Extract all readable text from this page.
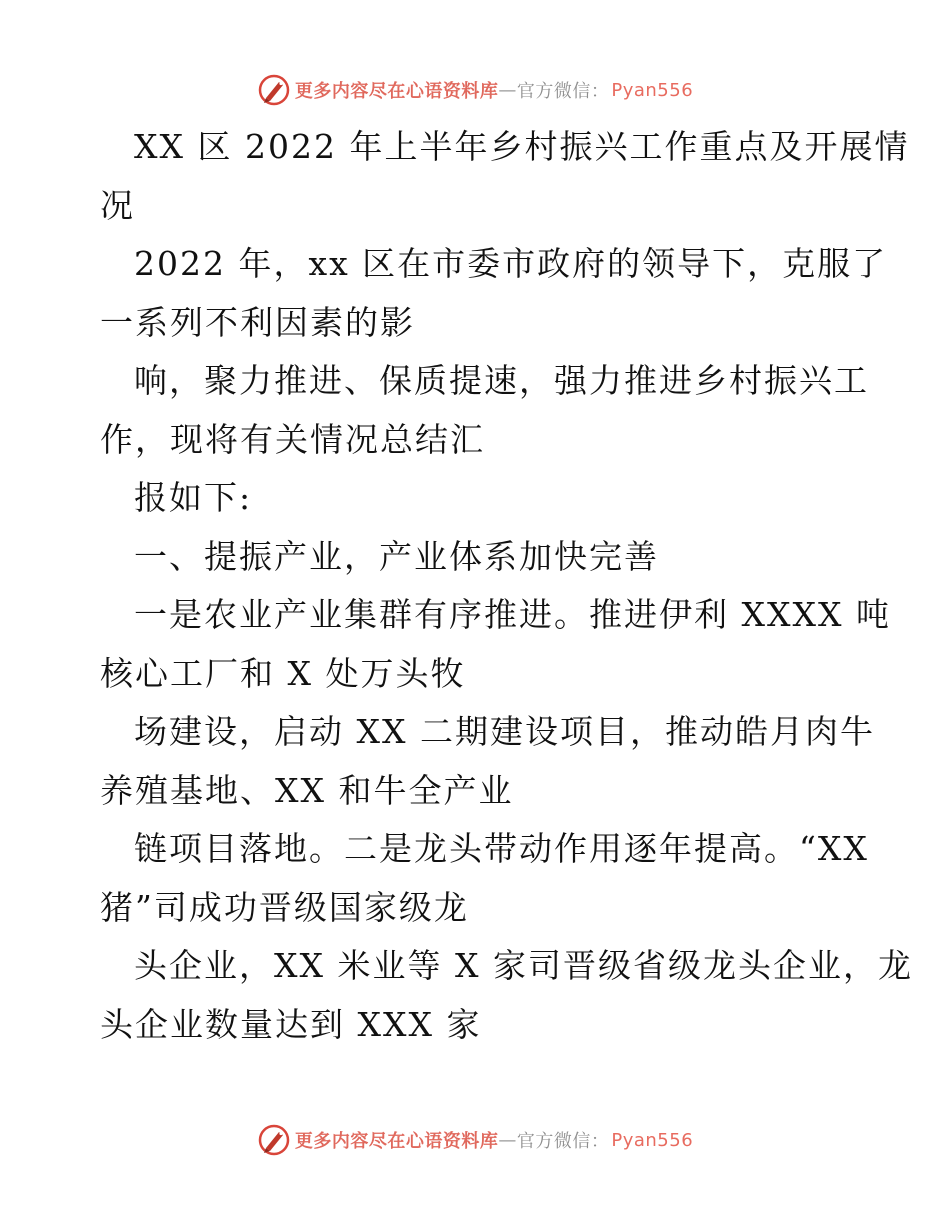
更多内容尽在心语资料库 — 官方微信： Pyan556
XX 区 2022 年上半年乡村振兴工作重点及开展情
况
2022 年，xx 区在市委市政府的领导下，克服了
一系列不利因素的影
响，聚力推进、保质提速，强力推进乡村振兴工
作，现将有关情况总结汇
报如下:
一、提振产业，产业体系加快完善
一是农业产业集群有序推进。推进伊利 XXXX 吨
核心工厂和 X 处万头牧
场建设，启动 XX 二期建设项目，推动皓月肉牛
养殖基地、XX 和牛全产业
链项目落地。二是龙头带动作用逐年提高。“XX
猪”司成功晋级国家级龙
头企业，XX 米业等 X 家司晋级省级龙头企业，龙
头企业数量达到 XXX 家
更多内容尽在心语资料库 — 官方微信： Pyan556
